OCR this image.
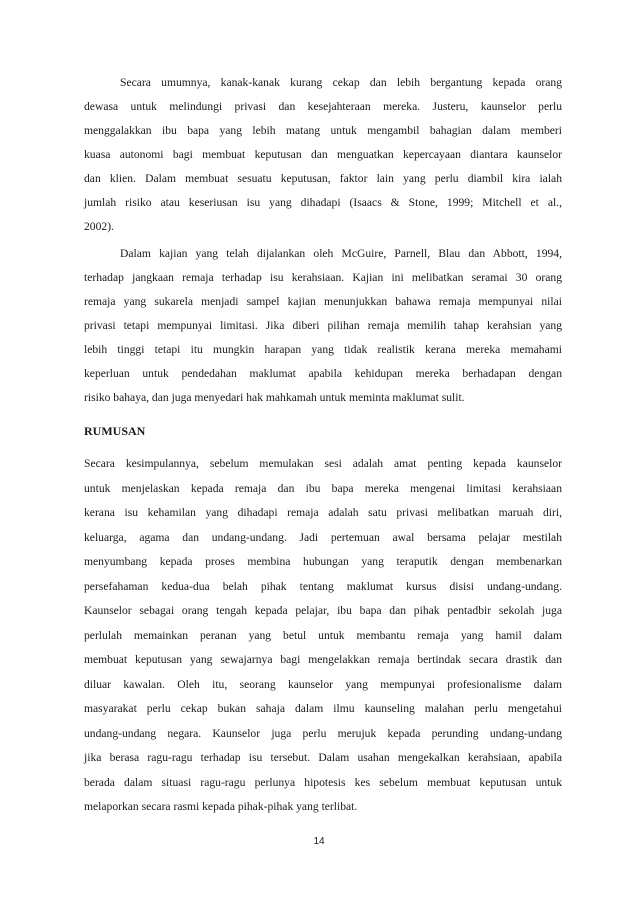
Secara umumnya, kanak-kanak kurang cekap dan lebih bergantung kepada orang
dewasa untuk melindungi privasi dan kesejahteraan mereka. Justeru, kaunselor perlu
menggalakkan ibu bapa yang lebih matang untuk mengambil bahagian dalam memberi
kuasa autonomi bagi membuat keputusan dan menguatkan kepercayaan diantara kaunselor
dan klien. Dalam membuat sesuatu keputusan, faktor lain yang perlu diambil kira ialah
jumlah risiko atau keseriusan isu yang dihadapi (Isaacs & Stone, 1999; Mitchell et al.,
2002).
Dalam kajian yang telah dijalankan oleh McGuire, Parnell, Blau dan Abbott, 1994,
terhadap jangkaan remaja terhadap isu kerahsiaan. Kajian ini melibatkan seramai 30 orang
remaja yang sukarela menjadi sampel kajian menunjukkan bahawa remaja mempunyai nilai
privasi tetapi mempunyai limitasi. Jika diberi pilihan remaja memilih tahap kerahsian yang
lebih tinggi tetapi itu mungkin harapan yang tidak realistik kerana mereka memahami
keperluan untuk pendedahan maklumat apabila kehidupan mereka berhadapan dengan
risiko bahaya, dan juga menyedari hak mahkamah untuk meminta maklumat sulit.
RUMUSAN
Secara kesimpulannya, sebelum memulakan sesi adalah amat penting kepada kaunselor
untuk menjelaskan kepada remaja dan ibu bapa mereka mengenai limitasi kerahsiaan
kerana isu kehamilan yang dihadapi remaja adalah satu privasi melibatkan maruah diri,
keluarga, agama dan undang-undang. Jadi pertemuan awal bersama pelajar mestilah
menyumbang kepada proses membina hubungan yang teraputik dengan membenarkan
persefahaman kedua-dua belah pihak tentang maklumat kursus disisi undang-undang.
Kaunselor sebagai orang tengah kepada pelajar, ibu bapa dan pihak pentadbir sekolah juga
perlulah memainkan peranan yang betul untuk membantu remaja yang hamil dalam
membuat keputusan yang sewajarnya bagi mengelakkan remaja bertindak secara drastik dan
diluar kawalan. Oleh itu, seorang kaunselor yang mempunyai profesionalisme dalam
masyarakat perlu cekap bukan sahaja dalam ilmu kaunseling malahan perlu mengetahui
undang-undang negara. Kaunselor juga perlu merujuk kepada perunding undang-undang
jika berasa ragu-ragu terhadap isu tersebut. Dalam usahan mengekalkan kerahsiaan, apabila
berada dalam situasi ragu-ragu perlunya hipotesis kes sebelum membuat keputusan untuk
melaporkan secara rasmi kepada pihak-pihak yang terlibat.
14
